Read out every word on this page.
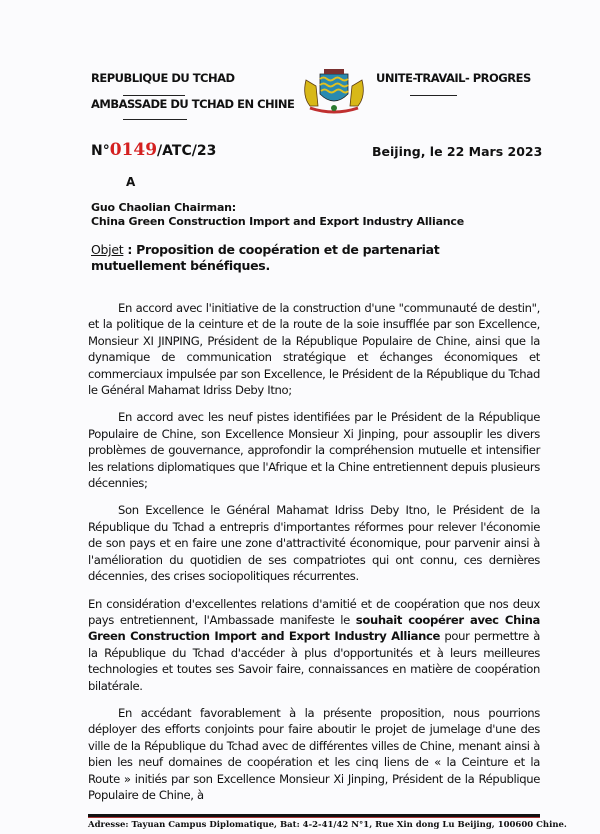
REPUBLIQUE DU TCHAD
AMBASSADE DU TCHAD EN CHINE
UNITE-TRAVAIL- PROGRES
N°0149/ATC/23	Beijing, le 22 Mars 2023
A
Guo Chaolian Chairman:
China Green Construction Import and Export Industry Alliance
Objet : Proposition de coopération et de partenariat mutuellement bénéfiques.

En accord avec l'initiative de la construction d'une "communauté de destin", et la politique de la ceinture et de la route de la soie insufflée par son Excellence, Monsieur XI JINPING, Président de la République Populaire de Chine, ainsi que la dynamique de communication stratégique et échanges économiques et commerciaux impulsée par son Excellence, le Président de la République du Tchad le Général Mahamat Idriss Deby Itno;

En accord avec les neuf pistes identifiées par le Président de la République Populaire de Chine, son Excellence Monsieur Xi Jinping, pour assouplir les divers problèmes de gouvernance, approfondir la compréhension mutuelle et intensifier les relations diplomatiques que l'Afrique et la Chine entretiennent depuis plusieurs décennies;

Son Excellence le Général Mahamat Idriss Deby Itno, le Président de la République du Tchad a entrepris d'importantes réformes pour relever l'économie de son pays et en faire une zone d'attractivité économique, pour parvenir ainsi à l'amélioration du quotidien de ses compatriotes qui ont connu, ces dernières décennies, des crises sociopolitiques récurrentes.

En considération d'excellentes relations d'amitié et de coopération que nos deux pays entretiennent, l'Ambassade manifeste le souhait coopérer avec China Green Construction Import and Export Industry Alliance pour permettre à la République du Tchad d'accéder à plus d'opportunités et à leurs meilleures technologies et toutes ses Savoir faire, connaissances en matière de coopération bilatérale.

En accédant favorablement à la présente proposition, nous pourrions déployer des efforts conjoints pour faire aboutir le projet de jumelage d'une des ville de la République du Tchad avec de différentes villes de Chine, menant ainsi à bien les neuf domaines de coopération et les cinq liens de « la Ceinture et la Route » initiés par son Excellence Monsieur Xi Jinping, Président de la République Populaire de Chine, à

Adresse: Tayuan Campus Diplomatique, Bat: 4-2-41/42 N°1, Rue Xin dong Lu Beijing, 100600 Chine.
